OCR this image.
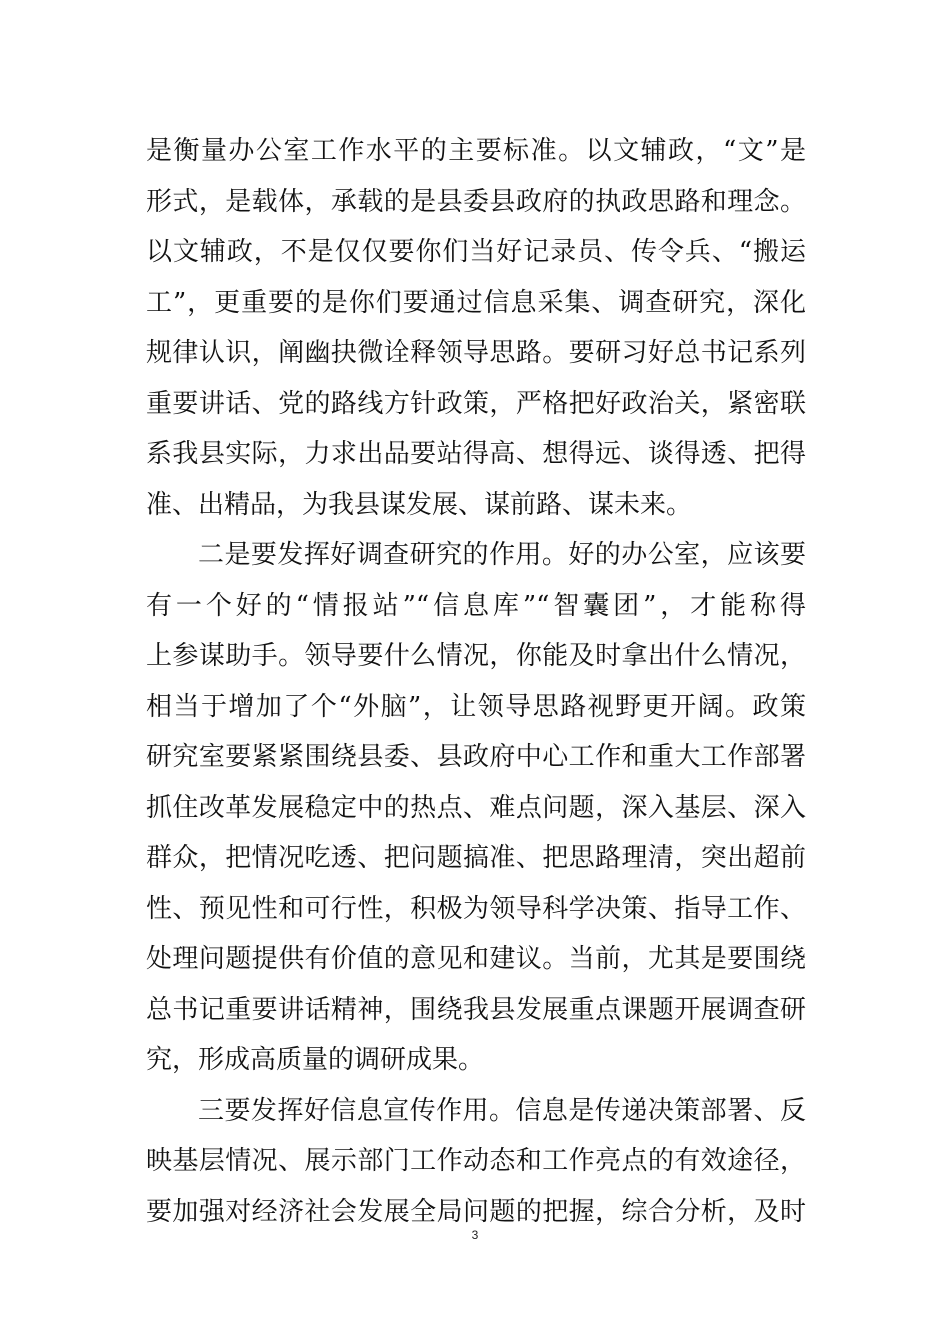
是衡量办公室工作水平的主要标准。以文辅政，“文”是
形式，是载体，承载的是县委县政府的执政思路和理念。
以文辅政，不是仅仅要你们当好记录员、传令兵、“搬运
工”，更重要的是你们要通过信息采集、调查研究，深化
规律认识，阐幽抉微诠释领导思路。要研习好总书记系列
重要讲话、党的路线方针政策，严格把好政治关，紧密联
系我县实际，力求出品要站得高、想得远、谈得透、把得
准、出精品，为我县谋发展、谋前路、谋未来。
二是要发挥好调查研究的作用。好的办公室，应该要
有一个好的“情报站”“信息库”“智囊团”，才能称得
上参谋助手。领导要什么情况，你能及时拿出什么情况，
相当于增加了个“外脑”，让领导思路视野更开阔。政策
研究室要紧紧围绕县委、县政府中心工作和重大工作部署
抓住改革发展稳定中的热点、难点问题，深入基层、深入
群众，把情况吃透、把问题搞准、把思路理清，突出超前
性、预见性和可行性，积极为领导科学决策、指导工作、
处理问题提供有价值的意见和建议。当前，尤其是要围绕
总书记重要讲话精神，围绕我县发展重点课题开展调查研
究，形成高质量的调研成果。
三要发挥好信息宣传作用。信息是传递决策部署、反
映基层情况、展示部门工作动态和工作亮点的有效途径，
要加强对经济社会发展全局问题的把握，综合分析，及时
3
